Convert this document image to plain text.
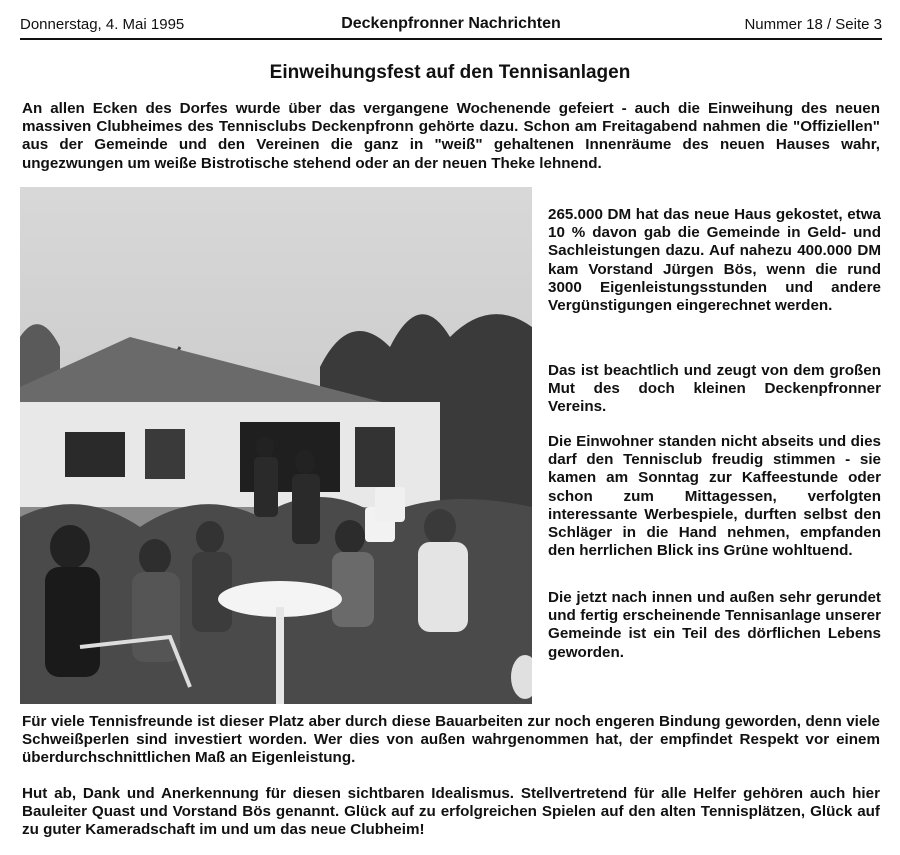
Donnerstag, 4. Mai 1995	Deckenpfronner Nachrichten	Nummer 18 / Seite 3
Einweihungsfest auf den Tennisanlagen

An allen Ecken des Dorfes wurde über das vergangene Wochenende gefeiert - auch die Einweihung des neuen massiven Clubheimes des Tennisclubs Deckenpfronn gehörte dazu. Schon am Freitagabend nahmen die "Offiziellen" aus der Gemeinde und den Vereinen die ganz in "weiß" gehaltenen Innenräume des neuen Hauses wahr, ungezwungen um weiße Bistrotische stehend oder an der neuen Theke lehnend.

265.000 DM hat das neue Haus gekostet, etwa 10 % davon gab die Gemeinde in Geld- und Sachleistungen dazu. Auf nahezu 400.000 DM kam Vorstand Jürgen Bös, wenn die rund 3000 Eigenleistungsstunden und andere Vergünstigungen eingerechnet werden.

Das ist beachtlich und zeugt von dem großen Mut des doch kleinen Deckenpfronner Vereins.

Die Einwohner standen nicht abseits und dies darf den Tennisclub freudig stimmen - sie kamen am Sonntag zur Kaffeestunde oder schon zum Mittagessen, verfolgten interessante Werbespiele, durften selbst den Schläger in die Hand nehmen, empfanden den herrlichen Blick ins Grüne wohltuend.

Die jetzt nach innen und außen sehr gerundet und fertig erscheinende Tennisanlage unserer Gemeinde ist ein Teil des dörflichen Lebens geworden.

Für viele Tennisfreunde ist dieser Platz aber durch diese Bauarbeiten zur noch engeren Bindung geworden, denn viele Schweißperlen sind investiert worden. Wer dies von außen wahrgenommen hat, der empfindet Respekt vor einem überdurchschnittlichen Maß an Eigenleistung.

Hut ab, Dank und Anerkennung für diesen sichtbaren Idealismus. Stellvertretend für alle Helfer gehören auch hier Bauleiter Quast und Vorstand Bös genannt. Glück auf zu erfolgreichen Spielen auf den alten Tennisplätzen, Glück auf zu guter Kameradschaft im und um das neue Clubheim!
